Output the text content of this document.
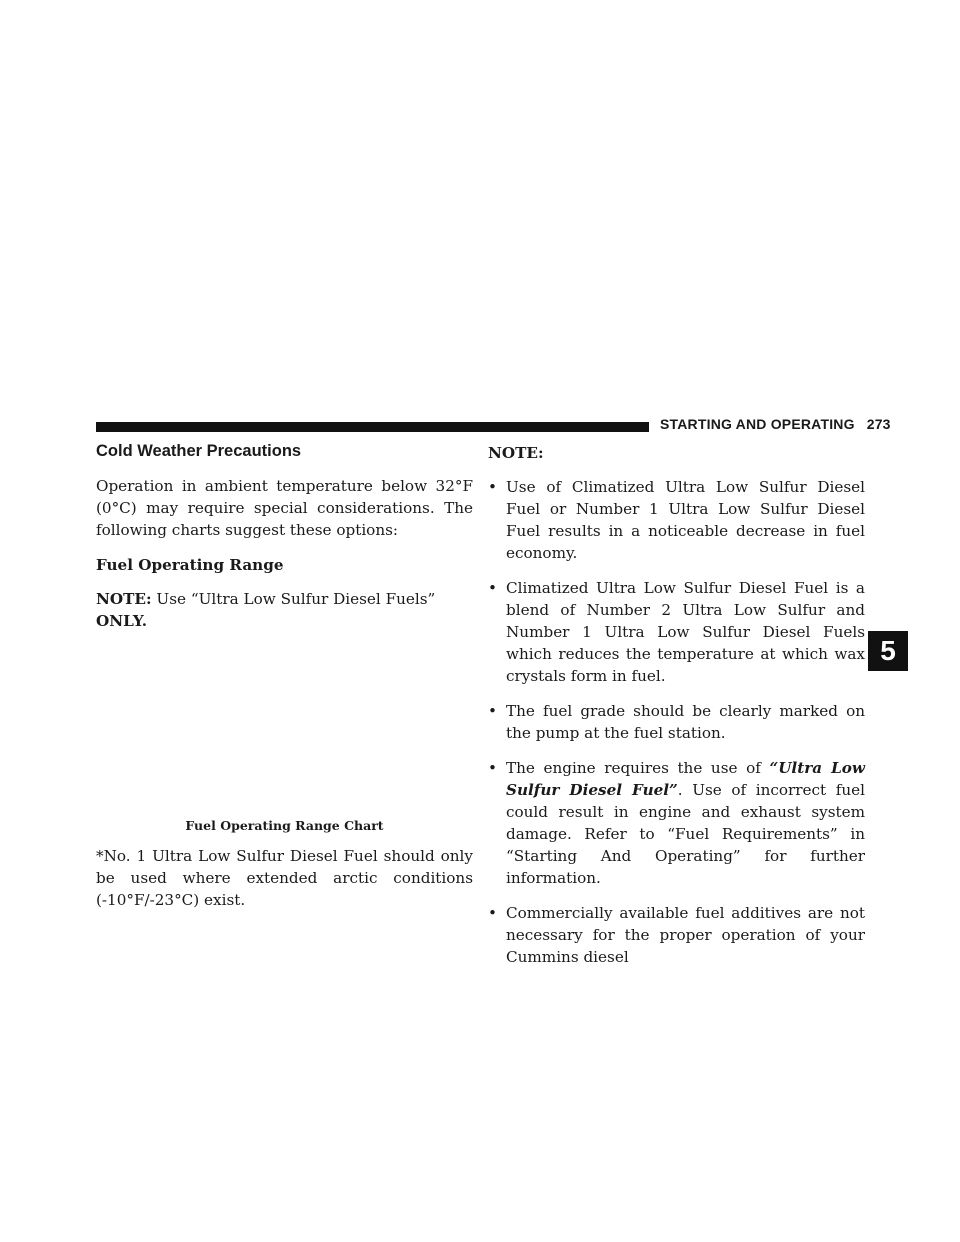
STARTING AND OPERATING 273
5
Cold Weather Precautions

Operation in ambient temperature below 32°F (0°C) may require special considerations. The following charts suggest these options:

Fuel Operating Range

NOTE: Use “Ultra Low Sulfur Diesel Fuels” ONLY.

Fuel Operating Range Chart

*No. 1 Ultra Low Sulfur Diesel Fuel should only be used where extended arctic conditions (-10°F/-23°C) exist.

NOTE:

• Use of Climatized Ultra Low Sulfur Diesel Fuel or Number 1 Ultra Low Sulfur Diesel Fuel results in a noticeable decrease in fuel economy.
• Climatized Ultra Low Sulfur Diesel Fuel is a blend of Number 2 Ultra Low Sulfur and Number 1 Ultra Low Sulfur Diesel Fuels which reduces the temperature at which wax crystals form in fuel.
• The fuel grade should be clearly marked on the pump at the fuel station.
• The engine requires the use of “Ultra Low Sulfur Diesel Fuel”. Use of incorrect fuel could result in engine and exhaust system damage. Refer to “Fuel Requirements” in “Starting And Operating” for further information.
• Commercially available fuel additives are not necessary for the proper operation of your Cummins diesel
